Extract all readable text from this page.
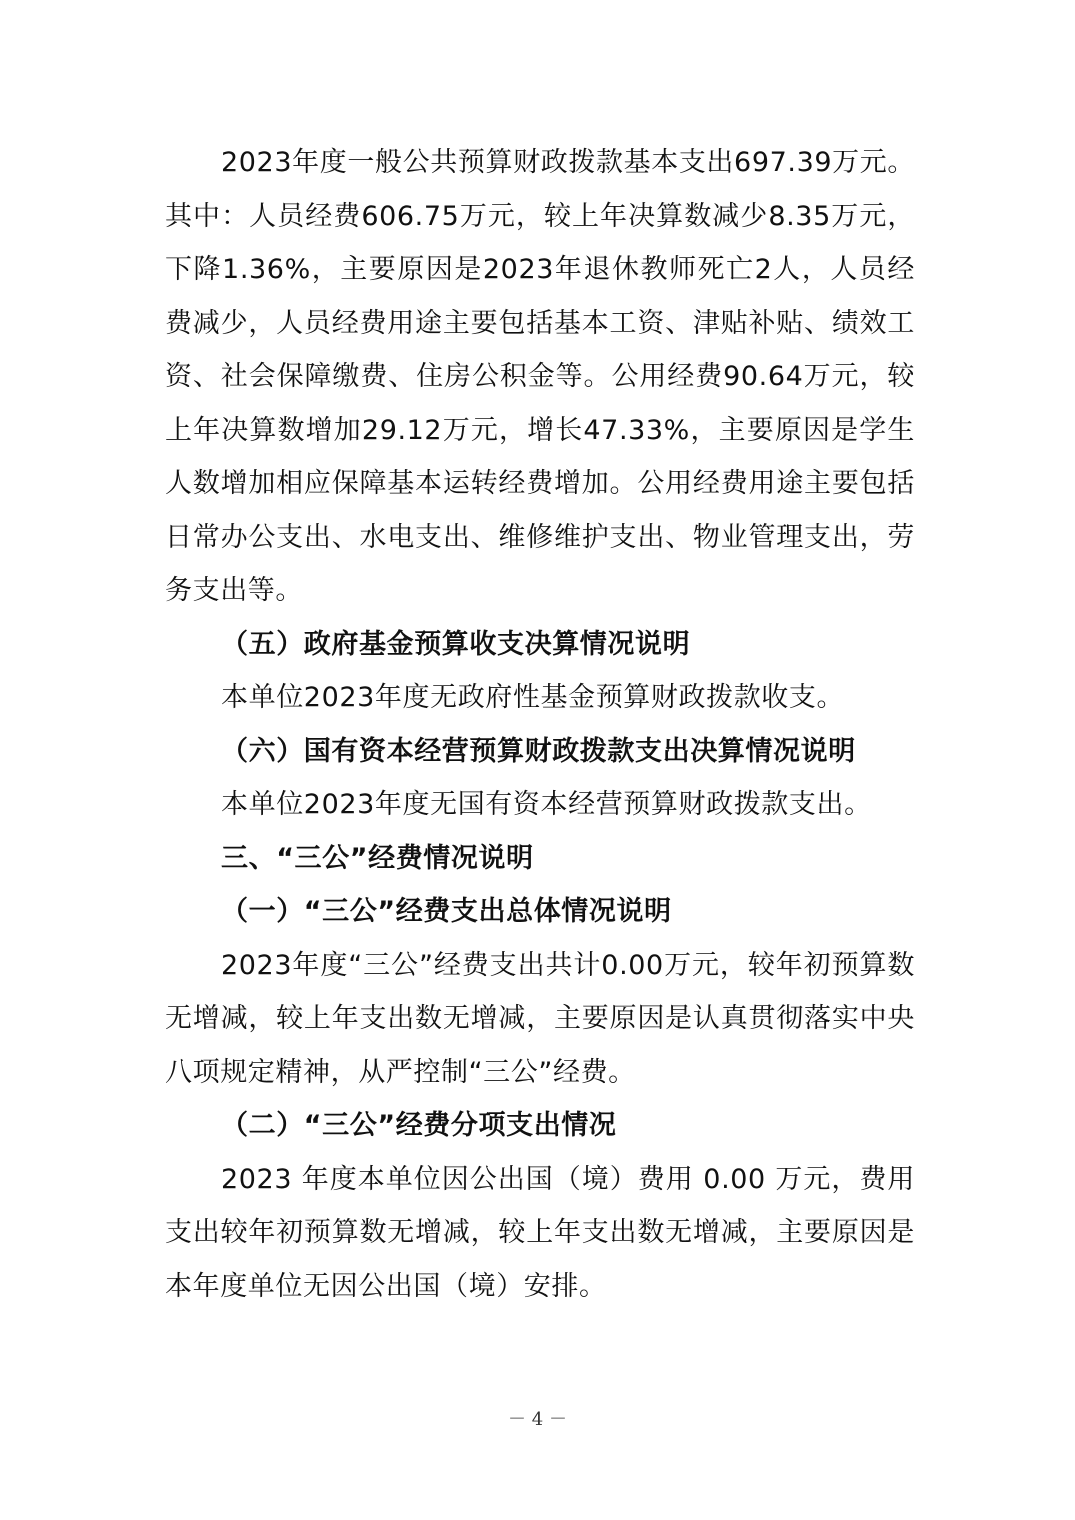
2023年度一般公共预算财政拨款基本支出697.39万元。其中：人员经费606.75万元，较上年决算数减少8.35万元，下降1.36%，主要原因是2023年退休教师死亡2人，人员经费减少，人员经费用途主要包括基本工资、津贴补贴、绩效工资、社会保障缴费、住房公积金等。公用经费90.64万元，较上年决算数增加29.12万元，增长47.33%，主要原因是学生人数增加相应保障基本运转经费增加。公用经费用途主要包括日常办公支出、水电支出、维修维护支出、物业管理支出，劳务支出等。

（五）政府基金预算收支决算情况说明

本单位2023年度无政府性基金预算财政拨款收支。

（六）国有资本经营预算财政拨款支出决算情况说明

本单位2023年度无国有资本经营预算财政拨款支出。

三、“三公”经费情况说明

（一）“三公”经费支出总体情况说明

2023年度“三公”经费支出共计0.00万元，较年初预算数无增减，较上年支出数无增减，主要原因是认真贯彻落实中央八项规定精神，从严控制“三公”经费。

（二）“三公”经费分项支出情况

2023 年度本单位因公出国（境）费用 0.00 万元，费用支出较年初预算数无增减，较上年支出数无增减，主要原因是本年度单位无因公出国（境）安排。

－ 4 －
